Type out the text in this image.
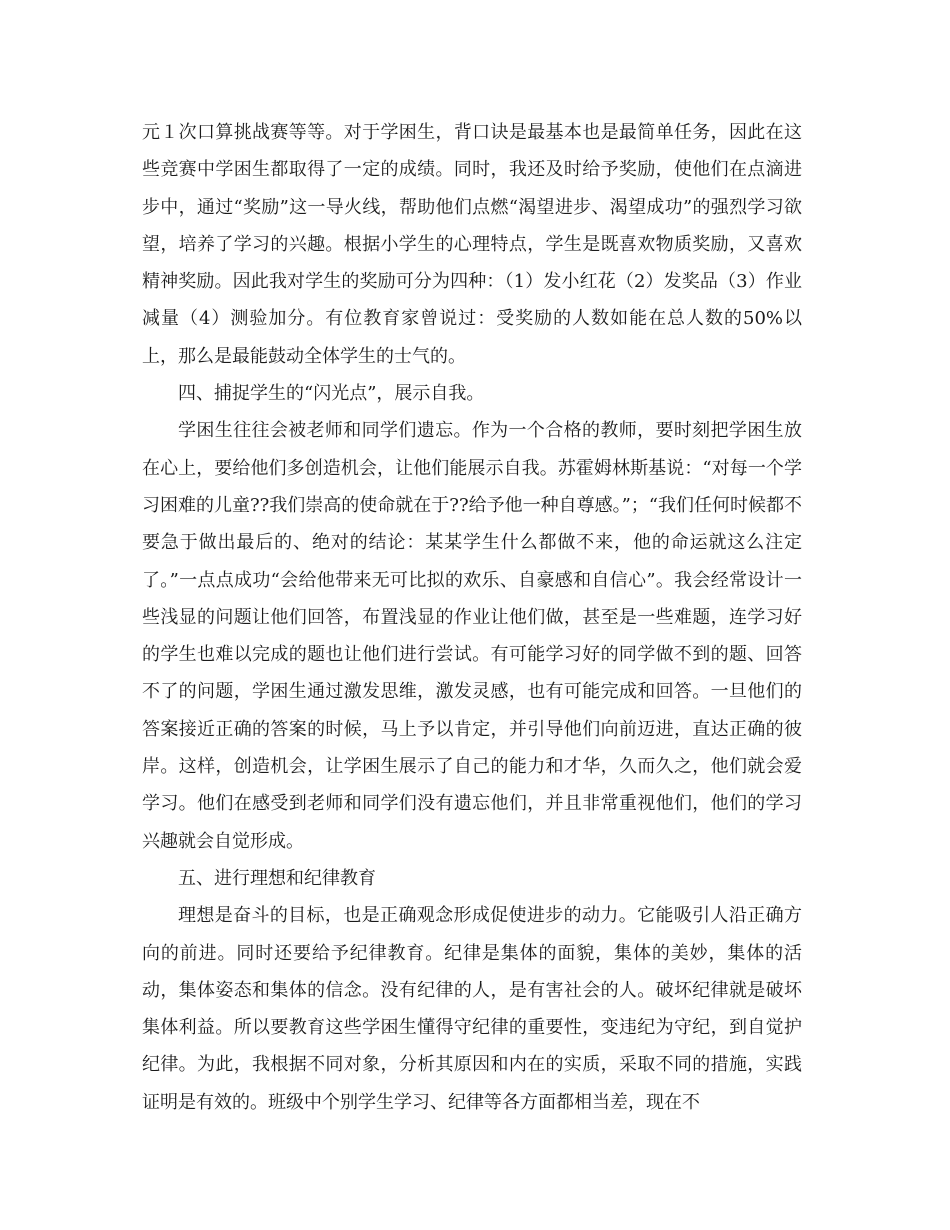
元１次口算挑战赛等等。对于学困生，背口诀是最基本也是最简单任务，因此在这些竞赛中学困生都取得了一定的成绩。同时，我还及时给予奖励，使他们在点滴进步中，通过“奖励”这一导火线，帮助他们点燃“渴望进步、渴望成功”的强烈学习欲望，培养了学习的兴趣。根据小学生的心理特点，学生是既喜欢物质奖励，又喜欢精神奖励。因此我对学生的奖励可分为四种：（1）发小红花（2）发奖品（3）作业减量（4）测验加分。有位教育家曾说过：受奖励的人数如能在总人数的50%以上，那么是最能鼓动全体学生的士气的。

四、捕捉学生的“闪光点”，展示自我。

学困生往往会被老师和同学们遗忘。作为一个合格的教师，要时刻把学困生放在心上，要给他们多创造机会，让他们能展示自我。苏霍姆林斯基说：“对每一个学习困难的儿童??我们崇高的使命就在于??给予他一种自尊感。”；“我们任何时候都不要急于做出最后的、绝对的结论：某某学生什么都做不来，他的命运就这么注定了。”一点点成功“会给他带来无可比拟的欢乐、自豪感和自信心”。我会经常设计一些浅显的问题让他们回答，布置浅显的作业让他们做，甚至是一些难题，连学习好的学生也难以完成的题也让他们进行尝试。有可能学习好的同学做不到的题、回答不了的问题，学困生通过激发思维，激发灵感，也有可能完成和回答。一旦他们的答案接近正确的答案的时候，马上予以肯定，并引导他们向前迈进，直达正确的彼岸。这样，创造机会，让学困生展示了自己的能力和才华，久而久之，他们就会爱学习。他们在感受到老师和同学们没有遗忘他们，并且非常重视他们，他们的学习兴趣就会自觉形成。

五、进行理想和纪律教育

理想是奋斗的目标，也是正确观念形成促使进步的动力。它能吸引人沿正确方向的前进。同时还要给予纪律教育。纪律是集体的面貌，集体的美妙，集体的活动，集体姿态和集体的信念。没有纪律的人，是有害社会的人。破坏纪律就是破坏集体利益。所以要教育这些学困生懂得守纪律的重要性，变违纪为守纪，到自觉护纪律。为此，我根据不同对象，分析其原因和内在的实质，采取不同的措施，实践证明是有效的。班级中个别学生学习、纪律等各方面都相当差，现在不
